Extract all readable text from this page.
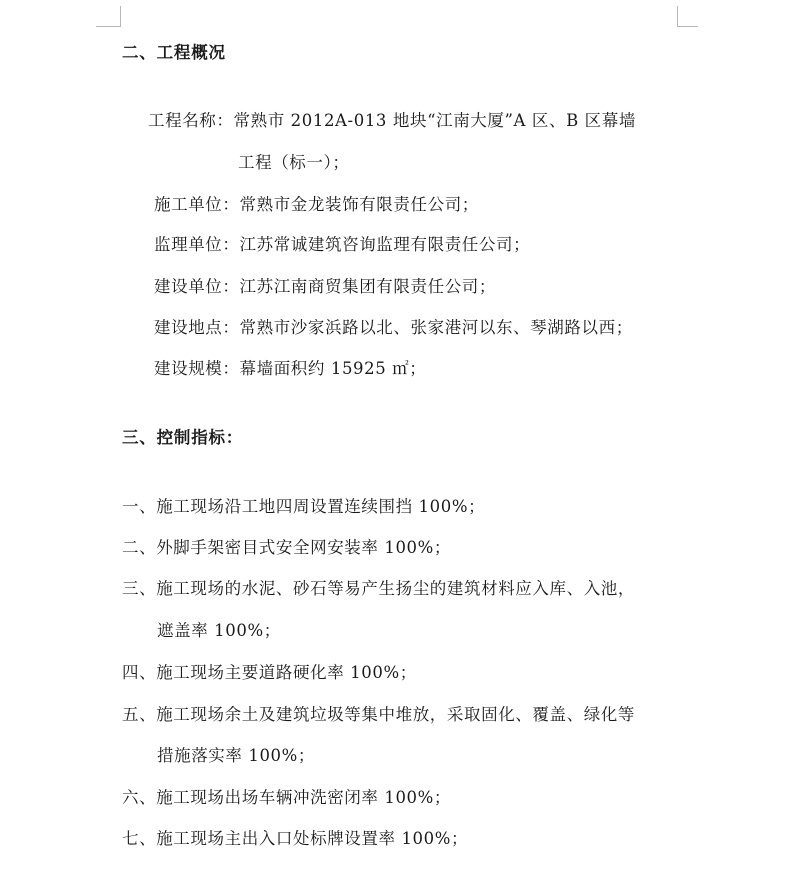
二、工程概况
工程名称：常熟市 2012A-013 地块“江南大厦”A 区、B 区幕墙
工程（标一）；
施工单位：常熟市金龙装饰有限责任公司；
监理单位：江苏常诚建筑咨询监理有限责任公司；
建设单位：江苏江南商贸集团有限责任公司；
建设地点：常熟市沙家浜路以北、张家港河以东、琴湖路以西；
建设规模：幕墙面积约 15925 ㎡；
三、控制指标：
一、施工现场沿工地四周设置连续围挡 100%；
二、外脚手架密目式安全网安装率 100%；
三、施工现场的水泥、砂石等易产生扬尘的建筑材料应入库、入池，
遮盖率 100%；
四、施工现场主要道路硬化率 100%；
五、施工现场余土及建筑垃圾等集中堆放，采取固化、覆盖、绿化等
措施落实率 100%；
六、施工现场出场车辆冲洗密闭率 100%；
七、施工现场主出入口处标牌设置率 100%；
